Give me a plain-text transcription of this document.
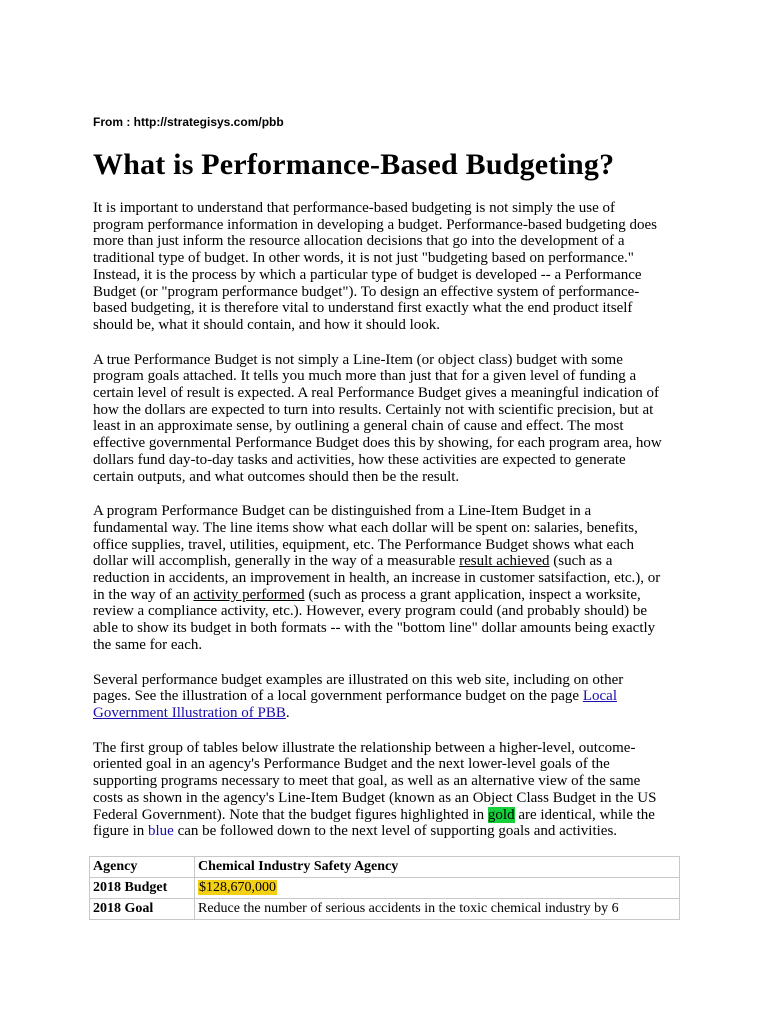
From : http://strategisys.com/pbb
What is Performance-Based Budgeting?

It is important to understand that performance-based budgeting is not simply the use of program performance information in developing a budget. Performance-based budgeting does more than just inform the resource allocation decisions that go into the development of a traditional type of budget. In other words, it is not just "budgeting based on performance." Instead, it is the process by which a particular type of budget is developed -- a Performance Budget (or "program performance budget"). To design an effective system of performance-based budgeting, it is therefore vital to understand first exactly what the end product itself should be, what it should contain, and how it should look.

A true Performance Budget is not simply a Line-Item (or object class) budget with some program goals attached. It tells you much more than just that for a given level of funding a certain level of result is expected. A real Performance Budget gives a meaningful indication of how the dollars are expected to turn into results. Certainly not with scientific precision, but at least in an approximate sense, by outlining a general chain of cause and effect. The most effective governmental Performance Budget does this by showing, for each program area, how dollars fund day-to-day tasks and activities, how these activities are expected to generate certain outputs, and what outcomes should then be the result.

A program Performance Budget can be distinguished from a Line-Item Budget in a fundamental way. The line items show what each dollar will be spent on: salaries, benefits, office supplies, travel, utilities, equipment, etc. The Performance Budget shows what each dollar will accomplish, generally in the way of a measurable result achieved (such as a reduction in accidents, an improvement in health, an increase in customer satsifaction, etc.), or in the way of an activity performed (such as process a grant application, inspect a worksite, review a compliance activity, etc.). However, every program could (and probably should) be able to show its budget in both formats -- with the "bottom line" dollar amounts being exactly the same for each.

Several performance budget examples are illustrated on this web site, including on other pages. See the illustration of a local government performance budget on the page Local Government Illustration of PBB.

The first group of tables below illustrate the relationship between a higher-level, outcome-oriented goal in an agency's Performance Budget and the next lower-level goals of the supporting programs necessary to meet that goal, as well as an alternative view of the same costs as shown in the agency's Line-Item Budget (known as an Object Class Budget in the US Federal Government). Note that the budget figures highlighted in gold are identical, while the figure in blue can be followed down to the next level of supporting goals and activities.

Agency	Chemical Industry Safety Agency
2018 Budget	$128,670,000
2018 Goal	Reduce the number of serious accidents in the toxic chemical industry by 6
